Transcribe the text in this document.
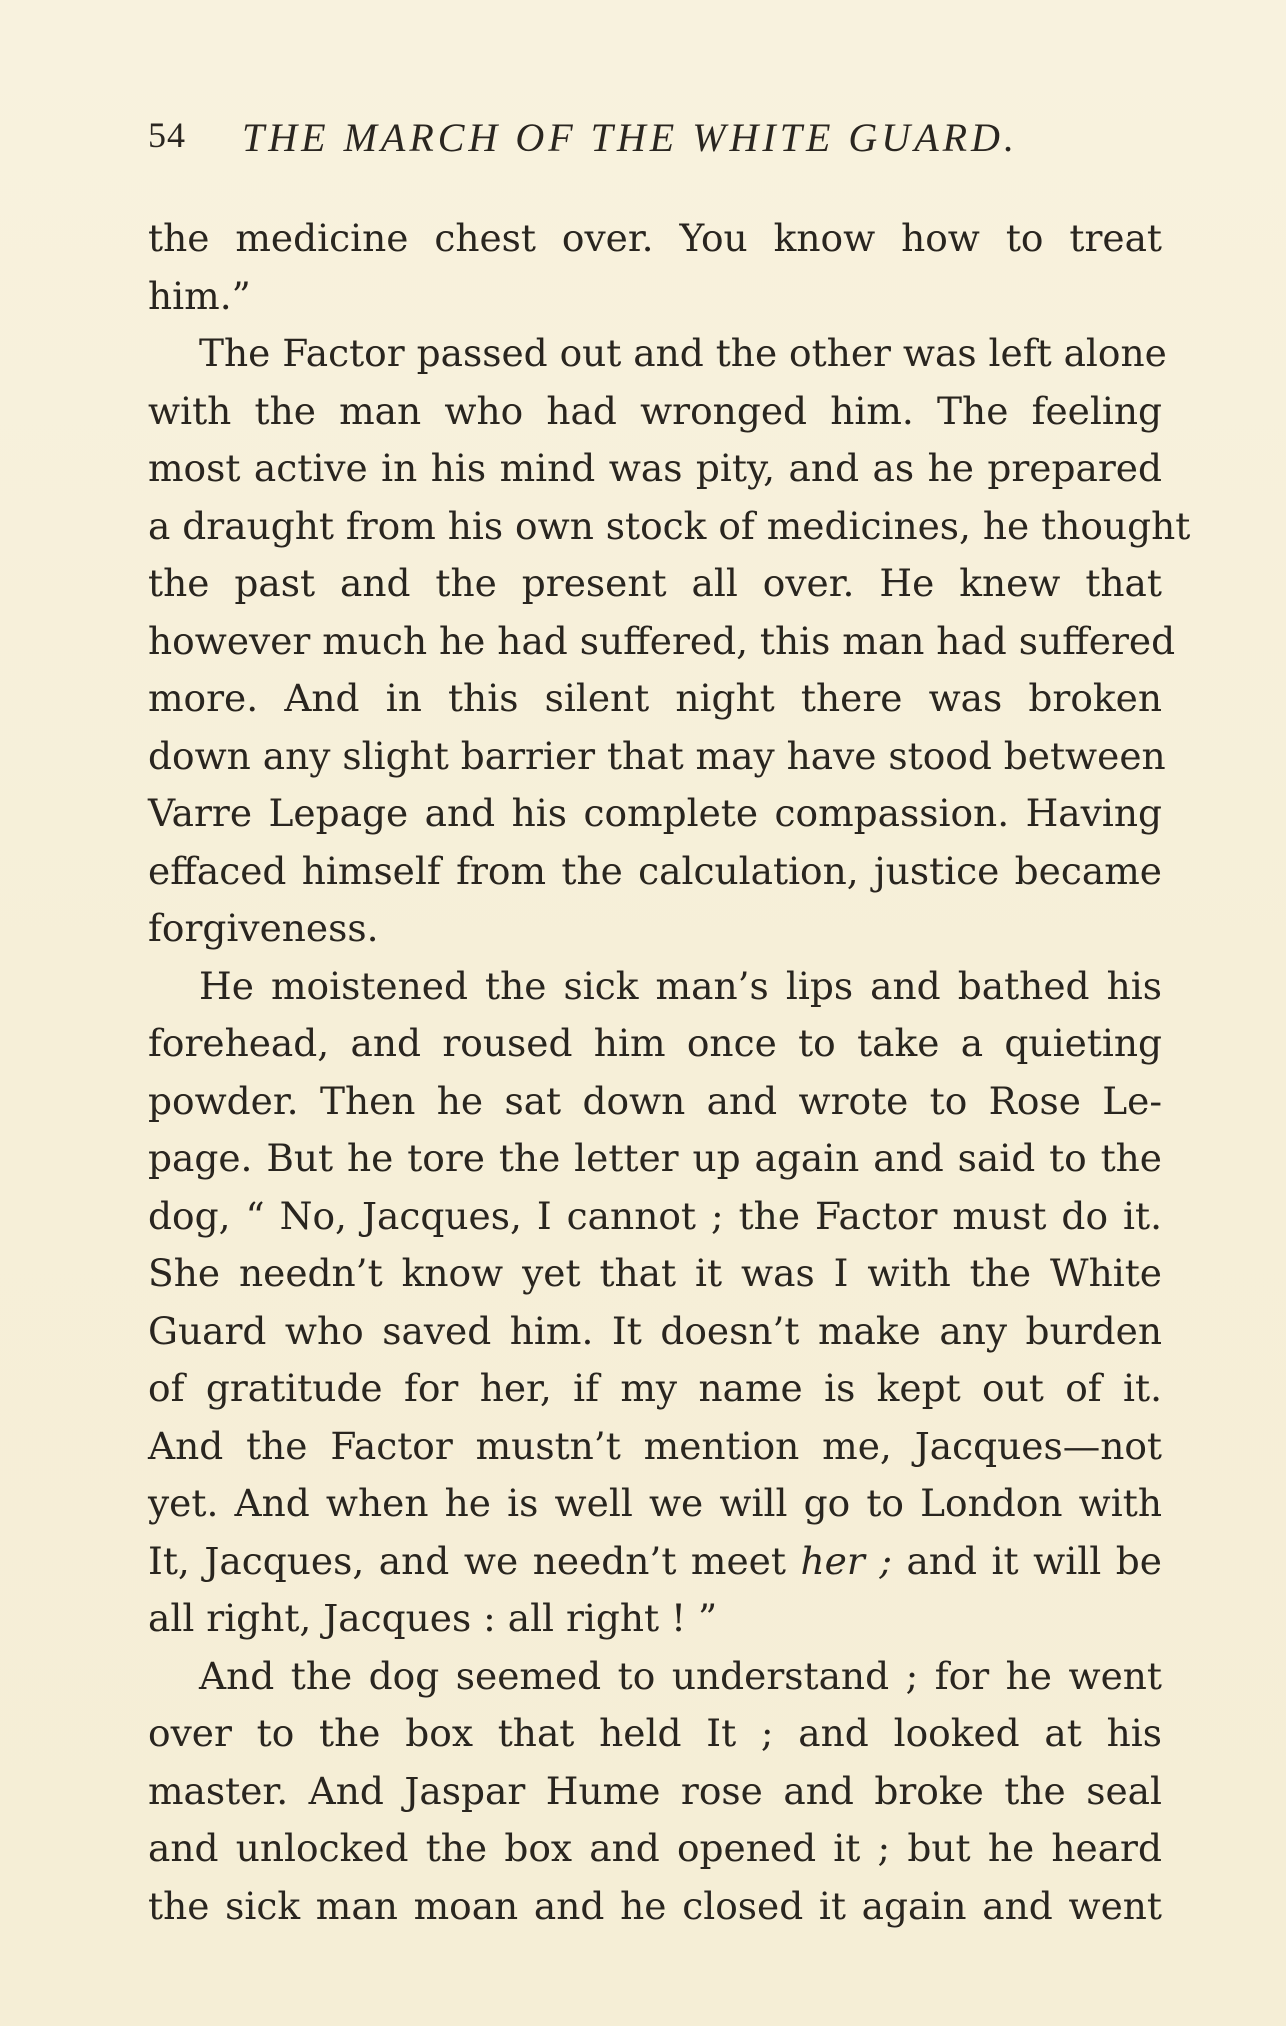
54 THE MARCH OF THE WHITE GUARD.
the medicine chest over. You know how to treat
him.”
The Factor passed out and the other was left alone
with the man who had wronged him. The feeling
most active in his mind was pity, and as he prepared
a draught from his own stock of medicines, he thought
the past and the present all over. He knew that
however much he had suffered, this man had suffered
more. And in this silent night there was broken
down any slight barrier that may have stood between
Varre Lepage and his complete compassion. Having
effaced himself from the calculation, justice became
forgiveness.
He moistened the sick man’s lips and bathed his
forehead, and roused him once to take a quieting
powder. Then he sat down and wrote to Rose Le-
page. But he tore the letter up again and said to the
dog, “ No, Jacques, I cannot ; the Factor must do it.
She needn’t know yet that it was I with the White
Guard who saved him. It doesn’t make any burden
of gratitude for her, if my name is kept out of it.
And the Factor mustn’t mention me, Jacques—not
yet. And when he is well we will go to London with
It, Jacques, and we needn’t meet her ; and it will be
all right, Jacques : all right ! ”
And the dog seemed to understand ; for he went
over to the box that held It ; and looked at his
master. And Jaspar Hume rose and broke the seal
and unlocked the box and opened it ; but he heard
the sick man moan and he closed it again and went
